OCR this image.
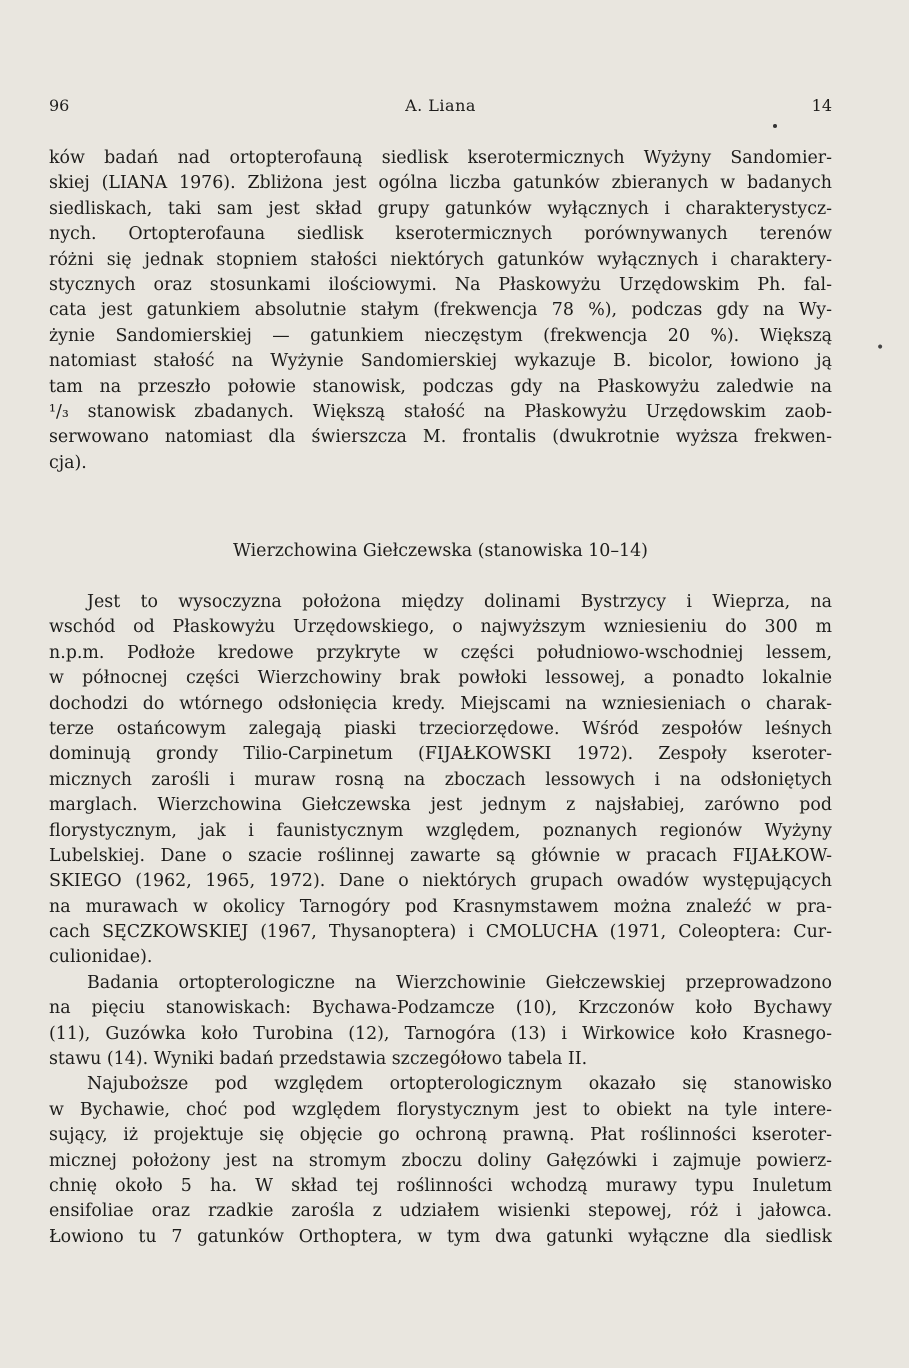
96	A. Liana	14
•
ków badań nad ortopterofauną siedlisk kserotermicznych Wyżyny Sandomier-
skiej (LIANA 1976). Zbliżona jest ogólna liczba gatunków zbieranych w badanych
siedliskach, taki sam jest skład grupy gatunków wyłącznych i charakterystycz-
nych. Ortopterofauna siedlisk kserotermicznych porównywanych terenów
różni się jednak stopniem stałości niektórych gatunków wyłącznych i charaktery-
stycznych oraz stosunkami ilościowymi. Na Płaskowyżu Urzędowskim Ph. fal-
cata jest gatunkiem absolutnie stałym (frekwencja 78 %), podczas gdy na Wy-
żynie Sandomierskiej — gatunkiem nieczęstym (frekwencja 20 %). Większą
natomiast stałość na Wyżynie Sandomierskiej wykazuje B. bicolor, łowiono ją
tam na przeszło połowie stanowisk, podczas gdy na Płaskowyżu zaledwie na
¹/₃ stanowisk zbadanych. Większą stałość na Płaskowyżu Urzędowskim zaob-
serwowano natomiast dla świerszcza M. frontalis (dwukrotnie wyższa frekwen-
cja).
Wierzchowina Giełczewska (stanowiska 10–14)
Jest to wysoczyzna położona między dolinami Bystrzycy i Wieprza, na
wschód od Płaskowyżu Urzędowskiego, o najwyższym wzniesieniu do 300 m
n.p.m. Podłoże kredowe przykryte w części południowo-wschodniej lessem,
w północnej części Wierzchowiny brak powłoki lessowej, a ponadto lokalnie
dochodzi do wtórnego odsłonięcia kredy. Miejscami na wzniesieniach o charak-
terze ostańcowym zalegają piaski trzeciorzędowe. Wśród zespołów leśnych
dominują grondy Tilio-Carpinetum (FIJAŁKOWSKI 1972). Zespoły kseroter-
micznych zarośli i muraw rosną na zboczach lessowych i na odsłoniętych
marglach. Wierzchowina Giełczewska jest jednym z najsłabiej, zarówno pod
florystycznym, jak i faunistycznym względem, poznanych regionów Wyżyny
Lubelskiej. Dane o szacie roślinnej zawarte są głównie w pracach FIJAŁKOW-
SKIEGO (1962, 1965, 1972). Dane o niektórych grupach owadów występujących
na murawach w okolicy Tarnogóry pod Krasnymstawem można znaleźć w pra-
cach SĘCZKOWSKIEJ (1967, Thysanoptera) i CMOLUCHA (1971, Coleoptera: Cur-
culionidae).
Badania ortopterologiczne na Wierzchowinie Giełczewskiej przeprowadzono
na pięciu stanowiskach: Bychawa-Podzamcze (10), Krzczonów koło Bychawy
(11), Guzówka koło Turobina (12), Tarnogóra (13) i Wirkowice koło Krasnego-
stawu (14). Wyniki badań przedstawia szczegółowo tabela II.
Najuboższe pod względem ortopterologicznym okazało się stanowisko
w Bychawie, choć pod względem florystycznym jest to obiekt na tyle intere-
sujący, iż projektuje się objęcie go ochroną prawną. Płat roślinności kseroter-
micznej położony jest na stromym zboczu doliny Gałęzówki i zajmuje powierz-
chnię około 5 ha. W skład tej roślinności wchodzą murawy typu Inuletum
ensifoliae oraz rzadkie zarośla z udziałem wisienki stepowej, róż i jałowca.
Łowiono tu 7 gatunków Orthoptera, w tym dwa gatunki wyłączne dla siedlisk
